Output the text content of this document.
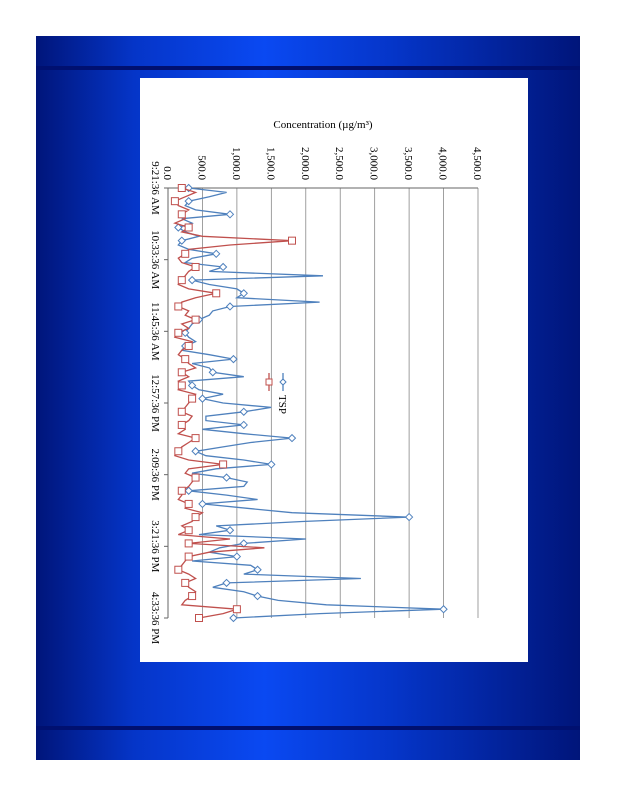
0.0 500.0 1,000.0 1,500.0 2,000.0 2,500.0 3,000.0 3,500.0 4,000.0 4,500.0
Concentration (µg/m³)
9:21:36 AM
10:33:36 AM
11:45:36 AM
12:57:36 PM
2:09:36 PM
3:21:36 PM
4:33:36 PM
TSP
